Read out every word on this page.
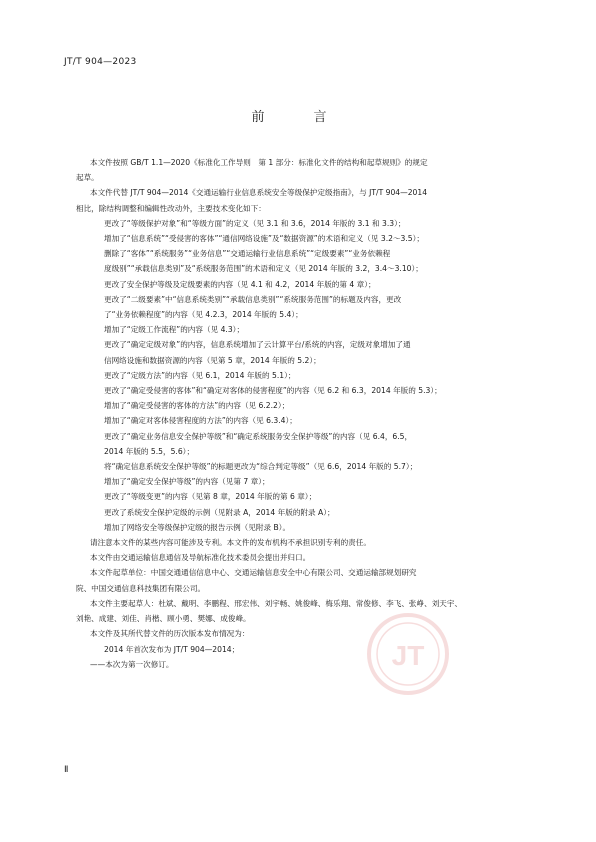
JT/T 904—2023
前　言
本文件按照 GB/T 1.1—2020《标准化工作导则　第 1 部分：标准化文件的结构和起草规则》的规定
起草。
本文件代替 JT/T 904—2014《交通运输行业信息系统安全等级保护定级指南》，与 JT/T 904—2014
相比，除结构调整和编辑性改动外，主要技术变化如下：
更改了“等级保护对象”和“等级方面”的定义（见 3.1 和 3.6，2014 年版的 3.1 和 3.3）；
增加了“信息系统”“受侵害的客体”“通信网络设施”及“数据资源”的术语和定义（见 3.2～3.5）；
删除了“客体”“系统服务”“业务信息”“交通运输行业信息系统”“定级要素”“业务依赖程
度级别”“承载信息类别”及“系统服务范围”的术语和定义（见 2014 年版的 3.2，3.4～3.10）；
更改了安全保护等级及定级要素的内容（见 4.1 和 4.2，2014 年版的第 4 章）；
更改了“二级要素”中“信息系统类别”“承载信息类别”“系统服务范围”的标题及内容，更改
了“业务依赖程度”的内容（见 4.2.3，2014 年版的 5.4）；
增加了“定级工作流程”的内容（见 4.3）；
更改了“确定定级对象”的内容，信息系统增加了云计算平台/系统的内容，定级对象增加了通
信网络设施和数据资源的内容（见第 5 章，2014 年版的 5.2）；
更改了“定级方法”的内容（见 6.1，2014 年版的 5.1）；
更改了“确定受侵害的客体”和“确定对客体的侵害程度”的内容（见 6.2 和 6.3，2014 年版的 5.3）；
增加了“确定受侵害的客体的方法”的内容（见 6.2.2）；
增加了“确定对客体侵害程度的方法”的内容（见 6.3.4）；
更改了“确定业务信息安全保护等级”和“确定系统服务安全保护等级”的内容（见 6.4，6.5，
2014 年版的 5.5，5.6）；
将“确定信息系统安全保护等级”的标题更改为“综合判定等级”（见 6.6，2014 年版的 5.7）；
增加了“确定安全保护等级”的内容（见第 7 章）；
更改了“等级变更”的内容（见第 8 章，2014 年版的第 6 章）；
更改了系统安全保护定级的示例（见附录 A，2014 年版的附录 A）；
增加了网络安全等级保护定级的报告示例（见附录 B）。
请注意本文件的某些内容可能涉及专利。本文件的发布机构不承担识别专利的责任。
本文件由交通运输信息通信及导航标准化技术委员会提出并归口。
本文件起草单位：中国交通通信信息中心、交通运输信息安全中心有限公司、交通运输部规划研究
院、中国交通信息科技集团有限公司。
本文件主要起草人：杜斌、戴明、李鹏程、邢宏伟、刘宇畅、姚俊峰、梅乐翔、常俊修、李飞、张峥、刘天宇、
刘艳、成建、刘佳、肖楷、顾小勇、樊娜、成俊峰。
本文件及其所代替文件的历次版本发布情况为：
2014 年首次发布为 JT/T 904—2014；
——本次为第一次修订。	JT
Ⅱ
